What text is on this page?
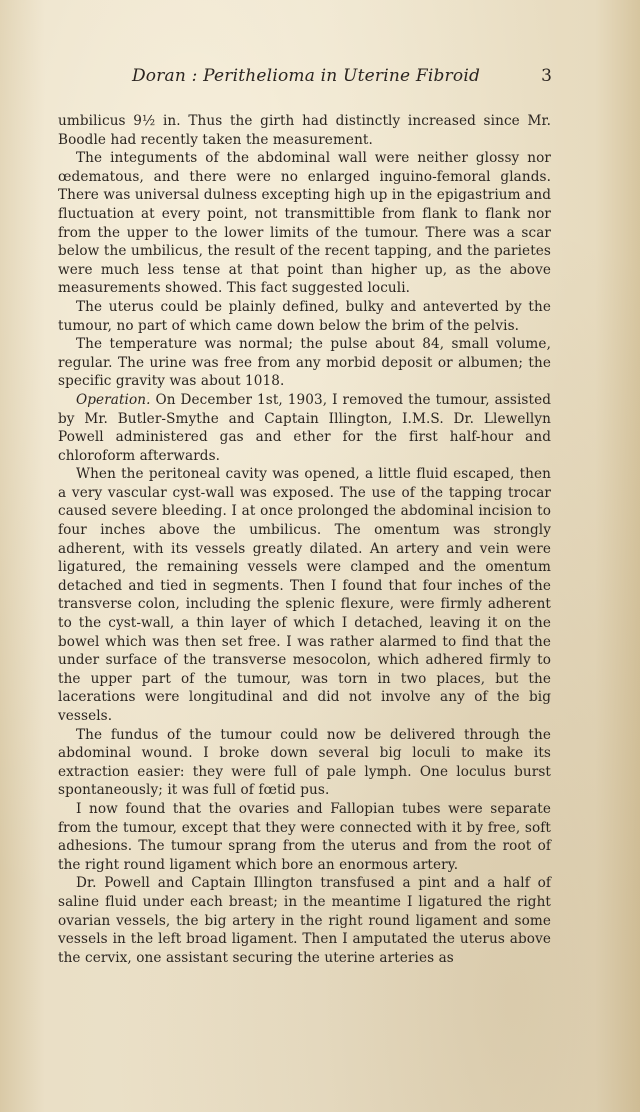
Doran : Perithelioma in Uterine Fibroid	3

umbilicus 9½ in. Thus the girth had distinctly increased since Mr. Boodle had recently taken the measurement.

The integuments of the abdominal wall were neither glossy nor œdematous, and there were no enlarged inguino-femoral glands. There was universal dulness excepting high up in the epigastrium and fluctuation at every point, not transmittible from flank to flank nor from the upper to the lower limits of the tumour. There was a scar below the umbilicus, the result of the recent tapping, and the parietes were much less tense at that point than higher up, as the above measurements showed. This fact suggested loculi.

The uterus could be plainly defined, bulky and anteverted by the tumour, no part of which came down below the brim of the pelvis.

The temperature was normal; the pulse about 84, small volume, regular. The urine was free from any morbid deposit or albumen; the specific gravity was about 1018.

Operation. On December 1st, 1903, I removed the tumour, assisted by Mr. Butler-Smythe and Captain Illington, I.M.S. Dr. Llewellyn Powell administered gas and ether for the first half-hour and chloroform afterwards.

When the peritoneal cavity was opened, a little fluid escaped, then a very vascular cyst-wall was exposed. The use of the tapping trocar caused severe bleeding. I at once prolonged the abdominal incision to four inches above the umbilicus. The omentum was strongly adherent, with its vessels greatly dilated. An artery and vein were ligatured, the remaining vessels were clamped and the omentum detached and tied in segments. Then I found that four inches of the transverse colon, including the splenic flexure, were firmly adherent to the cyst-wall, a thin layer of which I detached, leaving it on the bowel which was then set free. I was rather alarmed to find that the under surface of the transverse mesocolon, which adhered firmly to the upper part of the tumour, was torn in two places, but the lacerations were longitudinal and did not involve any of the big vessels.

The fundus of the tumour could now be delivered through the abdominal wound. I broke down several big loculi to make its extraction easier: they were full of pale lymph. One loculus burst spontaneously; it was full of fœtid pus.

I now found that the ovaries and Fallopian tubes were separate from the tumour, except that they were connected with it by free, soft adhesions. The tumour sprang from the uterus and from the root of the right round ligament which bore an enormous artery.

Dr. Powell and Captain Illington transfused a pint and a half of saline fluid under each breast; in the meantime I ligatured the right ovarian vessels, the big artery in the right round ligament and some vessels in the left broad ligament. Then I amputated the uterus above the cervix, one assistant securing the uterine arteries as
